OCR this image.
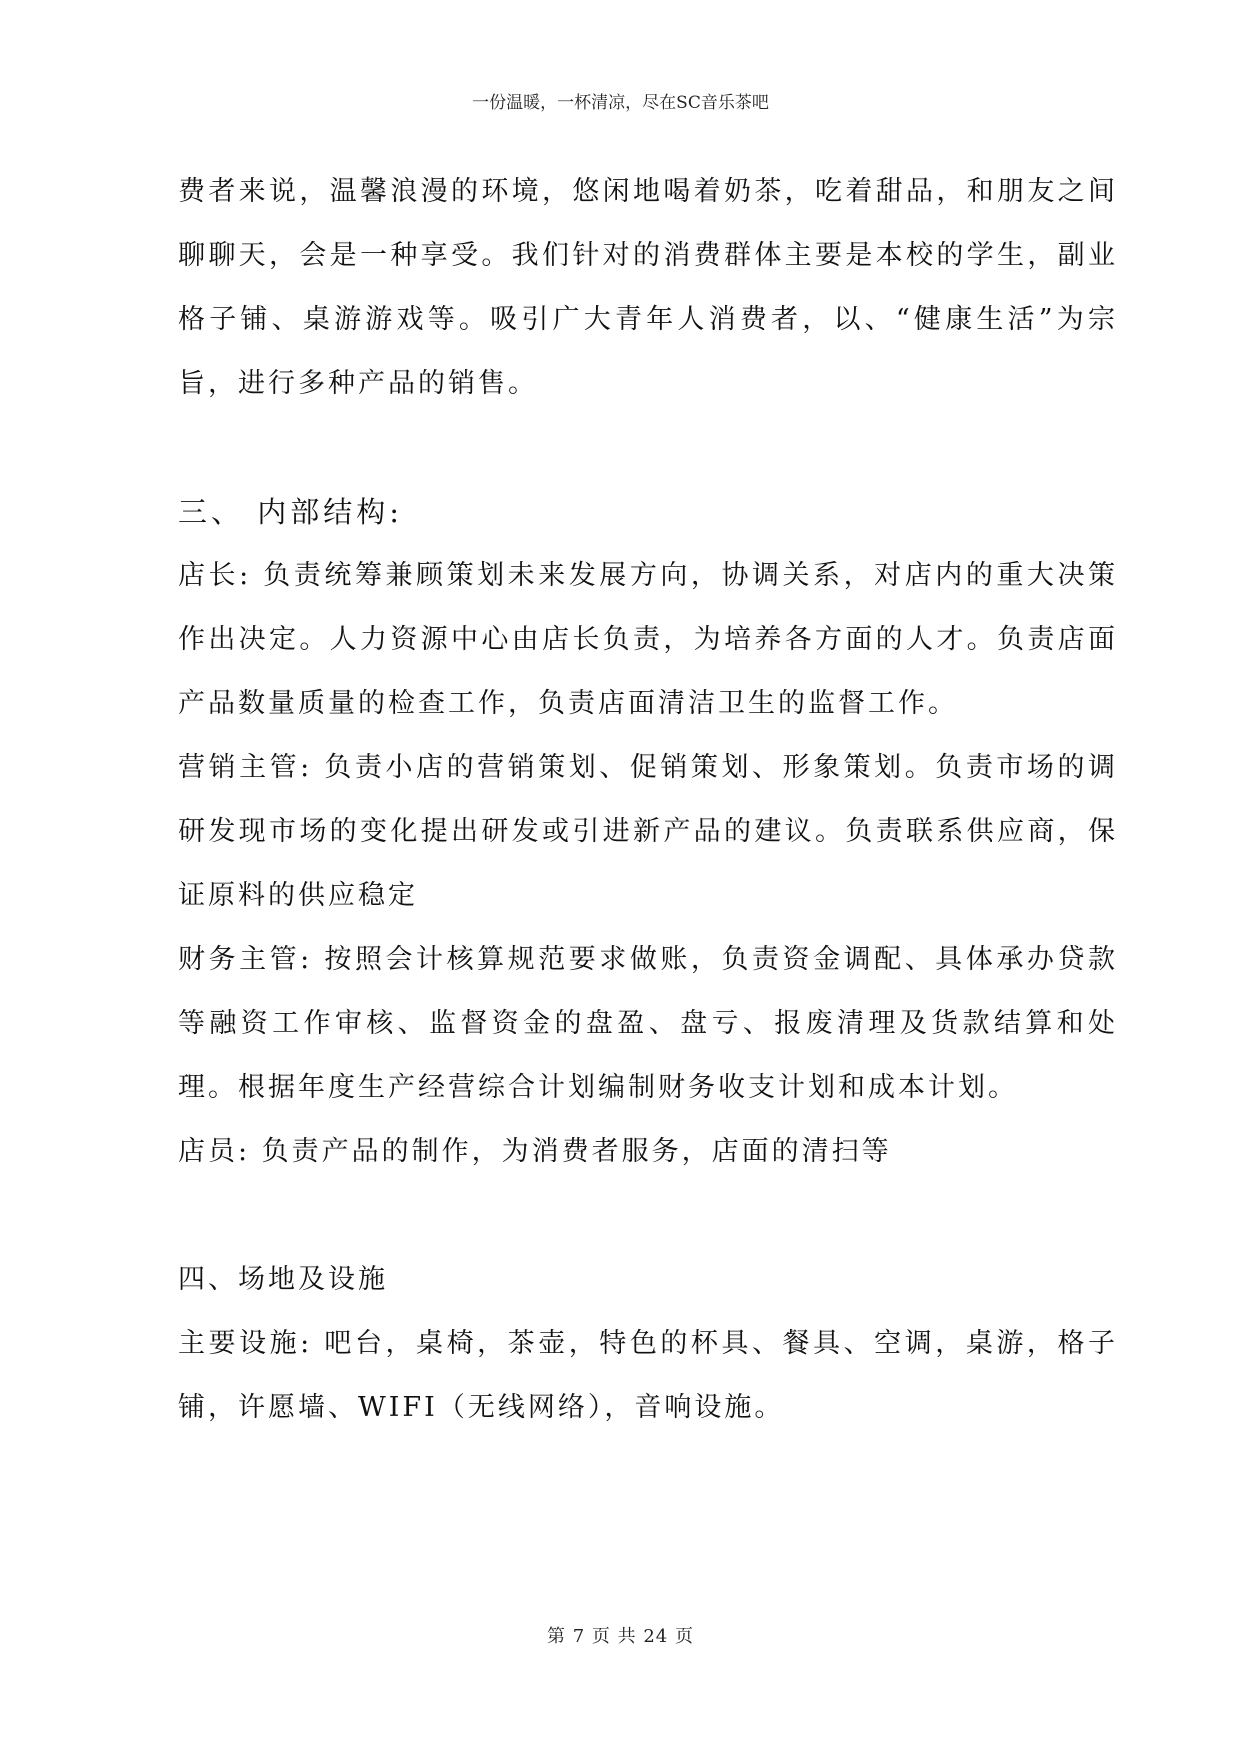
一份温暖，一杯清凉，尽在SC音乐茶吧

费者来说，温馨浪漫的环境，悠闲地喝着奶茶，吃着甜品，和朋友之间聊聊天，会是一种享受。我们针对的消费群体主要是本校的学生，副业格子铺、桌游游戏等。吸引广大青年人消费者，以、“健康生活”为宗旨，进行多种产品的销售。

三、 内部结构:

店长: 负责统筹兼顾策划未来发展方向，协调关系，对店内的重大决策作出决定。人力资源中心由店长负责，为培养各方面的人才。负责店面产品数量质量的检查工作，负责店面清洁卫生的监督工作。

营销主管: 负责小店的营销策划、促销策划、形象策划。负责市场的调研发现市场的变化提出研发或引进新产品的建议。负责联系供应商，保证原料的供应稳定

财务主管: 按照会计核算规范要求做账，负责资金调配、具体承办贷款等融资工作审核、监督资金的盘盈、盘亏、报废清理及货款结算和处理。根据年度生产经营综合计划编制财务收支计划和成本计划。

店员: 负责产品的制作，为消费者服务，店面的清扫等

四、场地及设施

主要设施: 吧台，桌椅，茶壶，特色的杯具、餐具、空调，桌游，格子铺，许愿墙、WIFI（无线网络），音响设施。

第 7 页 共 24 页
